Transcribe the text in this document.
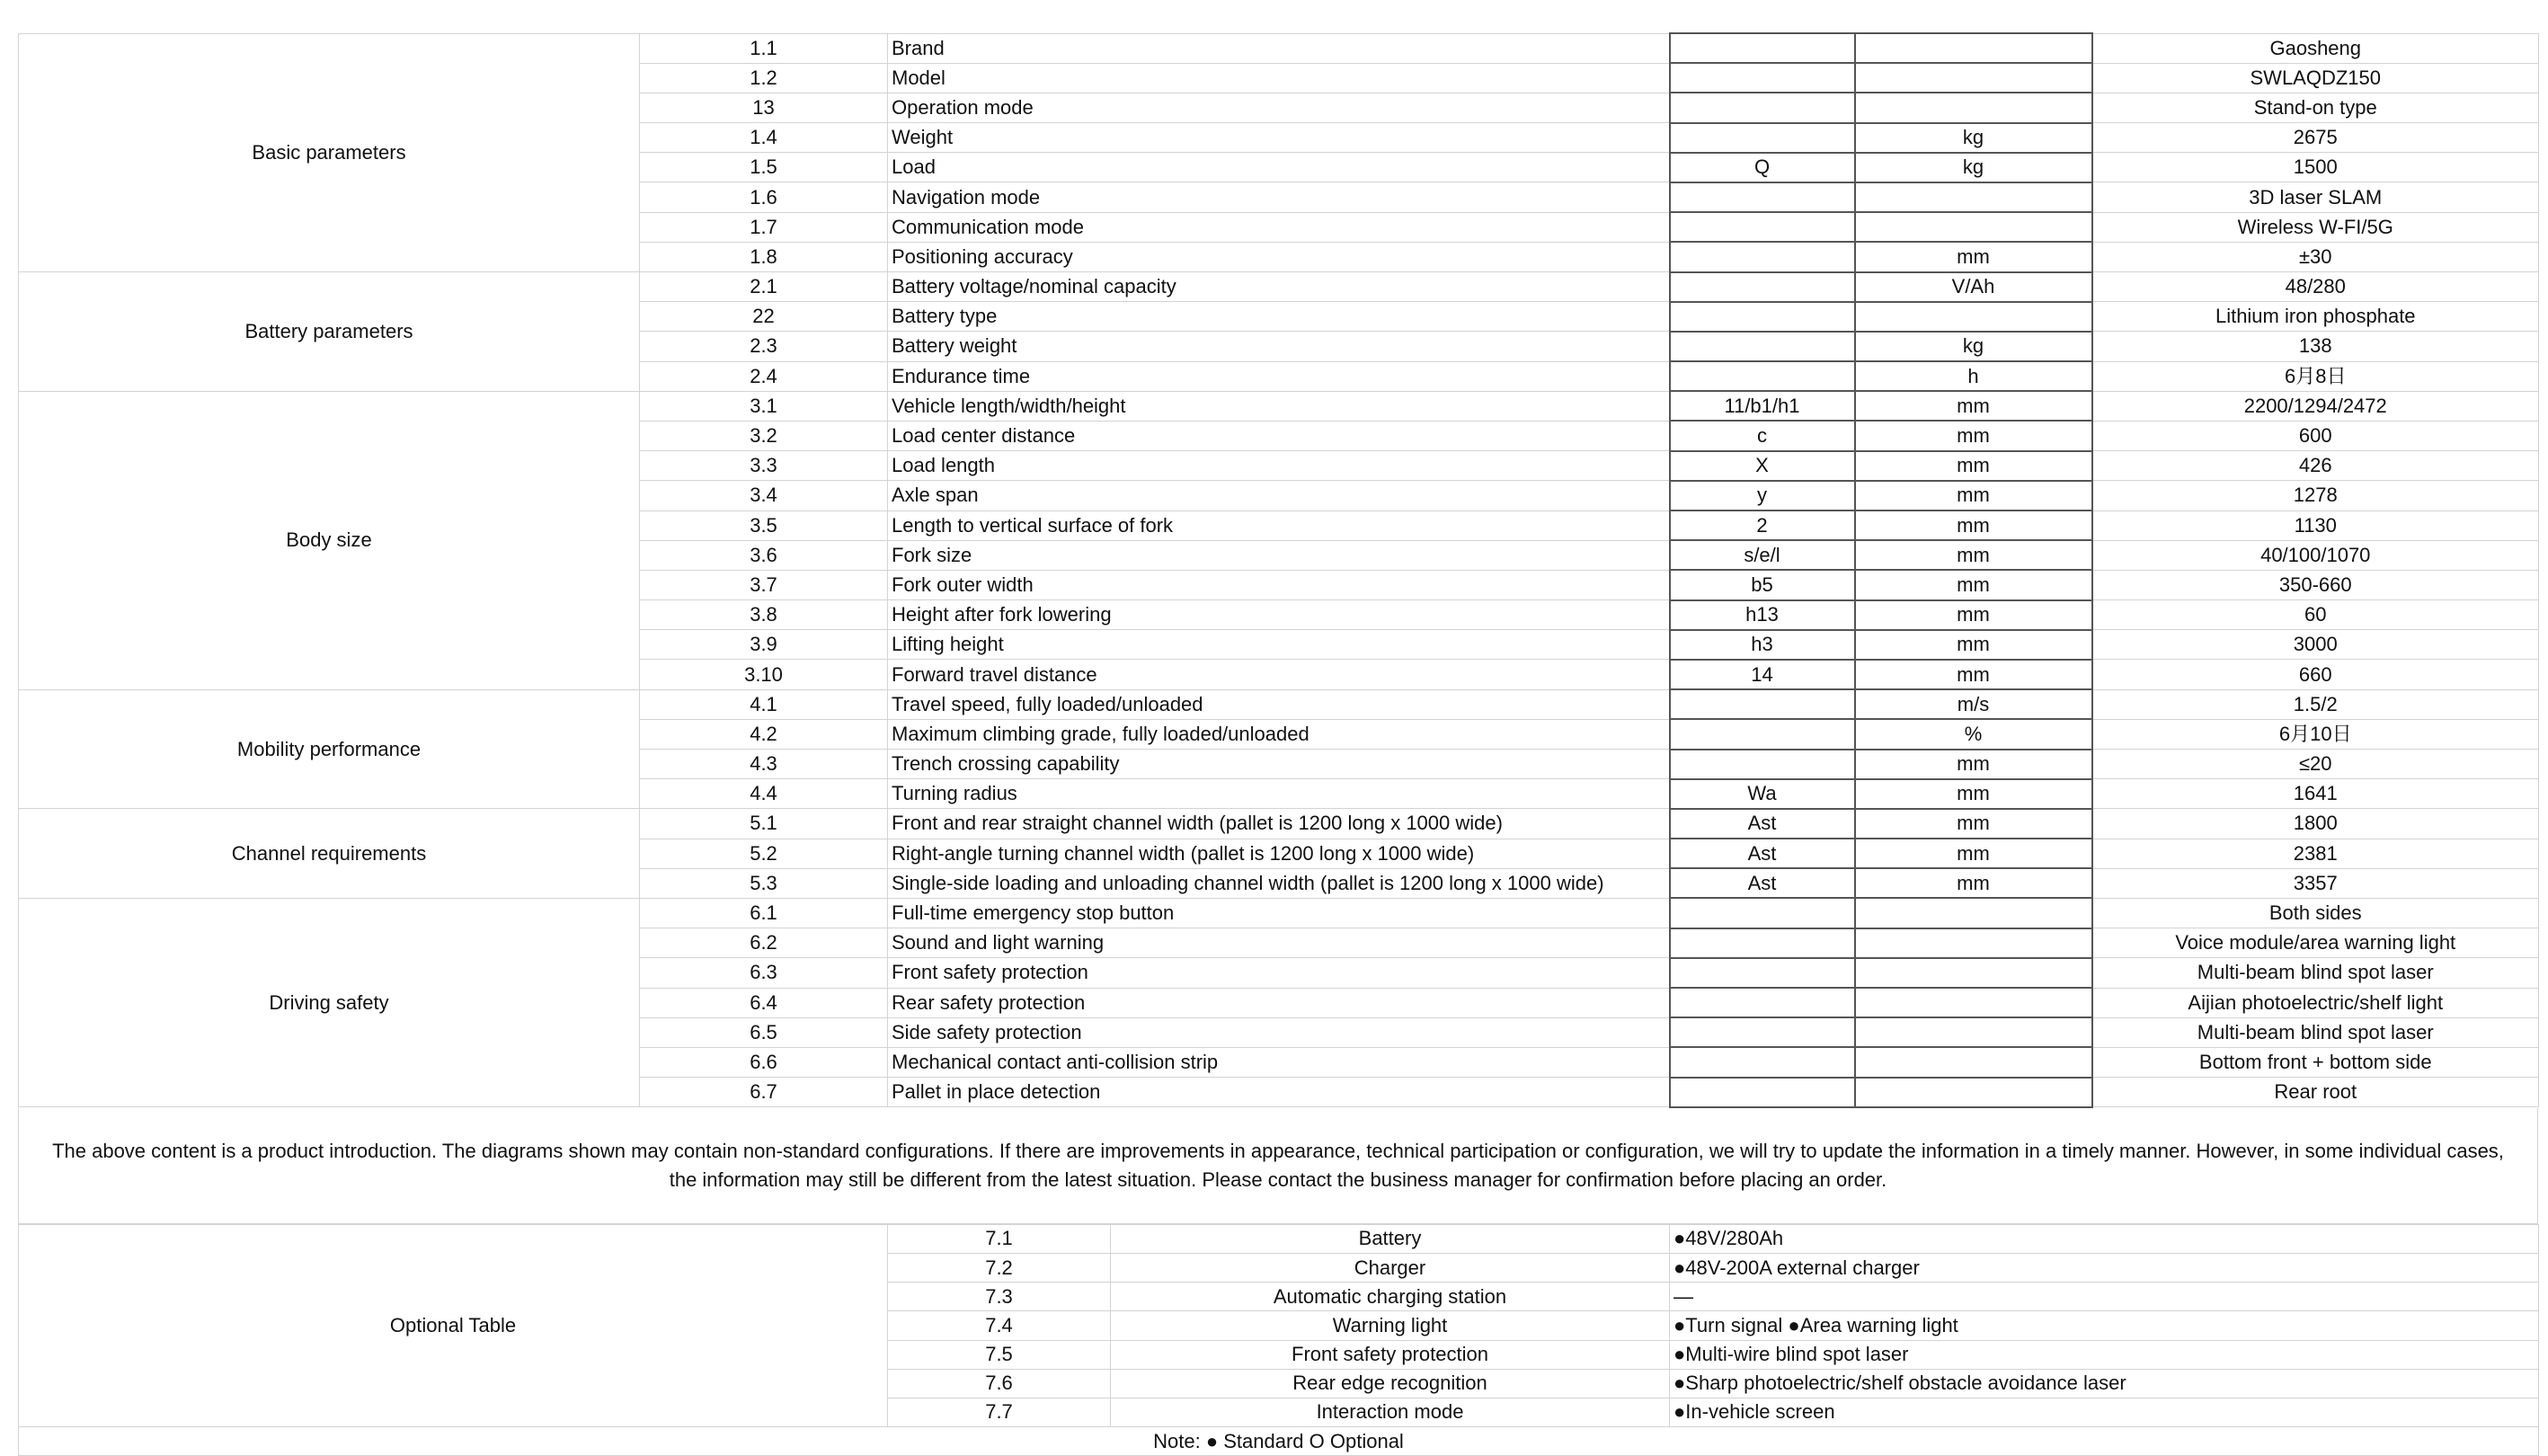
Basic parameters	1.1	Brand			Gaosheng
	1.2	Model			SWLAQDZ150
	13	Operation mode			Stand-on type
	1.4	Weight		kg	2675
	1.5	Load	Q	kg	1500
	1.6	Navigation mode			3D laser SLAM
	1.7	Communication mode			Wireless W-FI/5G
	1.8	Positioning accuracy		mm	±30
Battery parameters	2.1	Battery voltage/nominal capacity		V/Ah	48/280
	22	Battery type			Lithium iron phosphate
	2.3	Battery weight		kg	138
	2.4	Endurance time		h	6月8日
Body size	3.1	Vehicle length/width/height	11/b1/h1	mm	2200/1294/2472
	3.2	Load center distance	c	mm	600
	3.3	Load length	X	mm	426
	3.4	Axle span	y	mm	1278
	3.5	Length to vertical surface of fork	2	mm	1130
	3.6	Fork size	s/e/l	mm	40/100/1070
	3.7	Fork outer width	b5	mm	350-660
	3.8	Height after fork lowering	h13	mm	60
	3.9	Lifting height	h3	mm	3000
	3.10	Forward travel distance	14	mm	660
Mobility performance	4.1	Travel speed, fully loaded/unloaded		m/s	1.5/2
	4.2	Maximum climbing grade, fully loaded/unloaded		%	6月10日
	4.3	Trench crossing capability		mm	≤20
	4.4	Turning radius	Wa	mm	1641
Channel requirements	5.1	Front and rear straight channel width (pallet is 1200 long x 1000 wide)	Ast	mm	1800
	5.2	Right-angle turning channel width (pallet is 1200 long x 1000 wide)	Ast	mm	2381
	5.3	Single-side loading and unloading channel width (pallet is 1200 long x 1000 wide)	Ast	mm	3357
Driving safety	6.1	Full-time emergency stop button			Both sides
	6.2	Sound and light warning			Voice module/area warning light
	6.3	Front safety protection			Multi-beam blind spot laser
	6.4	Rear safety protection			Aijian photoelectric/shelf light
	6.5	Side safety protection			Multi-beam blind spot laser
	6.6	Mechanical contact anti-collision strip			Bottom front + bottom side
	6.7	Pallet in place detection			Rear root
The above content is a product introduction. The diagrams shown may contain non-standard configurations. If there are improvements in appearance, technical participation or configuration, we will try to update the information in a timely manner. However, in some individual cases, the information may still be different from the latest situation. Please contact the business manager for confirmation before placing an order.
Optional Table	7.1	Battery	●48V/280Ah
	7.2	Charger	●48V-200A external charger
	7.3	Automatic charging station	—
	7.4	Warning light	●Turn signal ●Area warning light
	7.5	Front safety protection	●Multi-wire blind spot laser
	7.6	Rear edge recognition	●Sharp photoelectric/shelf obstacle avoidance laser
	7.7	Interaction mode	●In-vehicle screen
Note: ● Standard O Optional			
